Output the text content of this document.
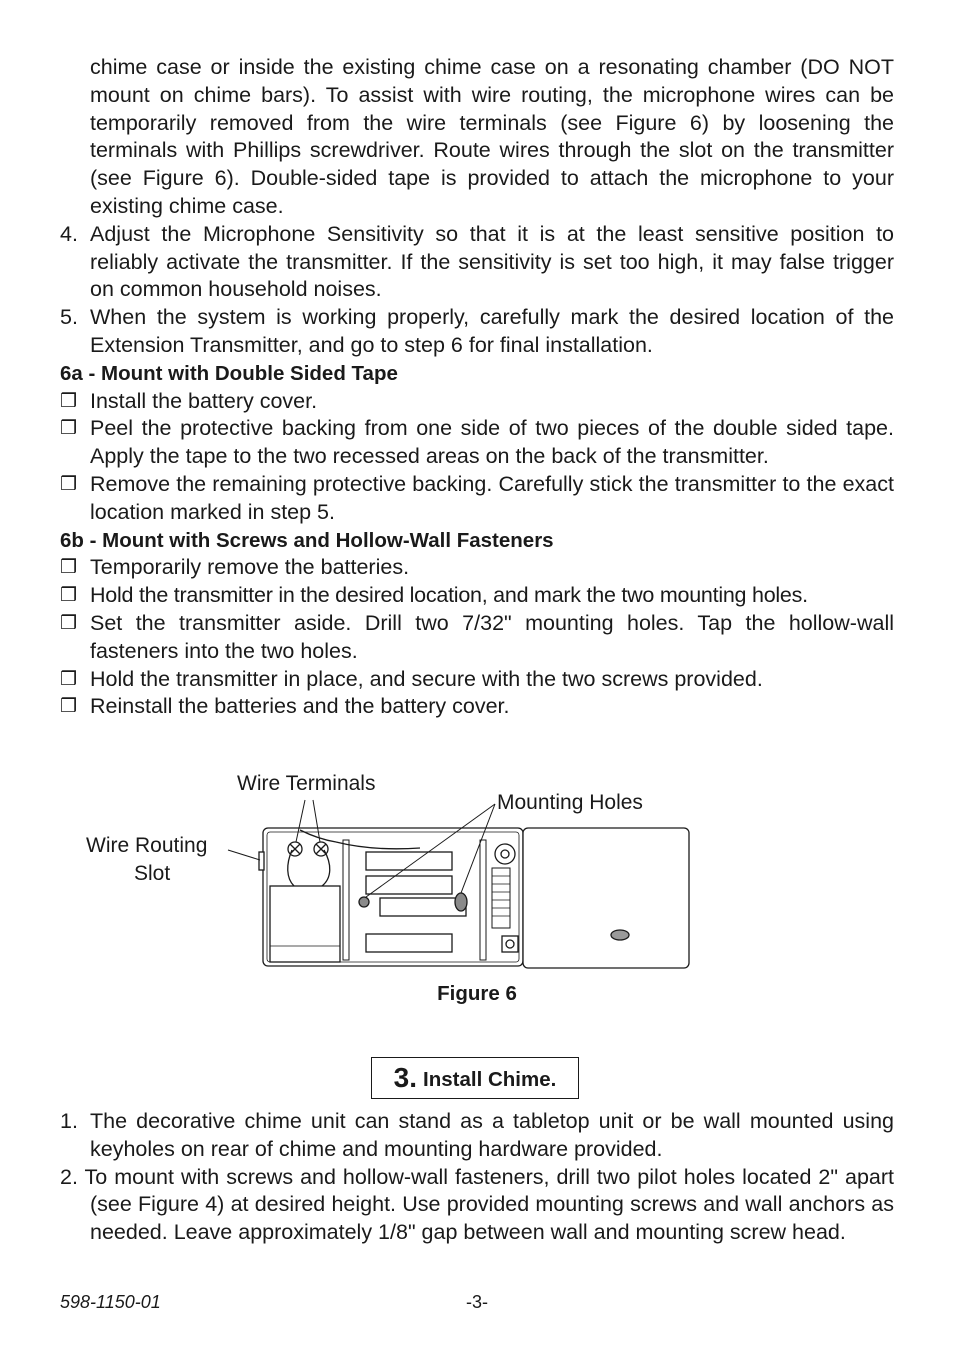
chime case or inside the existing chime case on a resonating chamber (DO NOT mount on chime bars). To assist with wire routing, the microphone wires can be temporarily removed from the wire terminals (see Figure 6) by loosening the terminals with Phillips screwdriver. Route wires through the slot on the transmitter (see Figure 6). Double-sided tape is provided to attach the microphone to your existing chime case.
4. Adjust the Microphone Sensitivity so that it is at the least sensitive position to reliably activate the transmitter. If the sensitivity is set too high, it may false trigger on common household noises.
5. When the system is working properly, carefully mark the desired location of the Extension Transmitter, and go to step 6 for final installation.
6a - Mount with Double Sided Tape
❒ Install the battery cover.
❒ Peel the protective backing from one side of two pieces of the double sided tape. Apply the tape to the two recessed areas on the back of the transmitter.
❒ Remove the remaining protective backing. Carefully stick the transmitter to the exact location marked in step 5.
6b - Mount with Screws and Hollow-Wall Fasteners
❒ Temporarily remove the batteries.
❒ Hold the transmitter in the desired location, and mark the two mounting holes.
❒ Set the transmitter aside. Drill two 7/32" mounting holes. Tap the hollow-wall fasteners into the two holes.
❒ Hold the transmitter in place, and secure with the two screws provided.
❒ Reinstall the batteries and the battery cover.
Wire Terminals
Mounting Holes
Wire Routing
Slot
Figure 6
3. Install Chime.
1. The decorative chime unit can stand as a tabletop unit or be wall mounted using keyholes on rear of chime and mounting hardware provided.
2. To mount with screws and hollow-wall fasteners, drill two pilot holes located 2" apart (see Figure 4) at desired height. Use provided mounting screws and wall anchors as needed. Leave approximately 1/8" gap between wall and mounting screw head.
598-1150-01	-3-
